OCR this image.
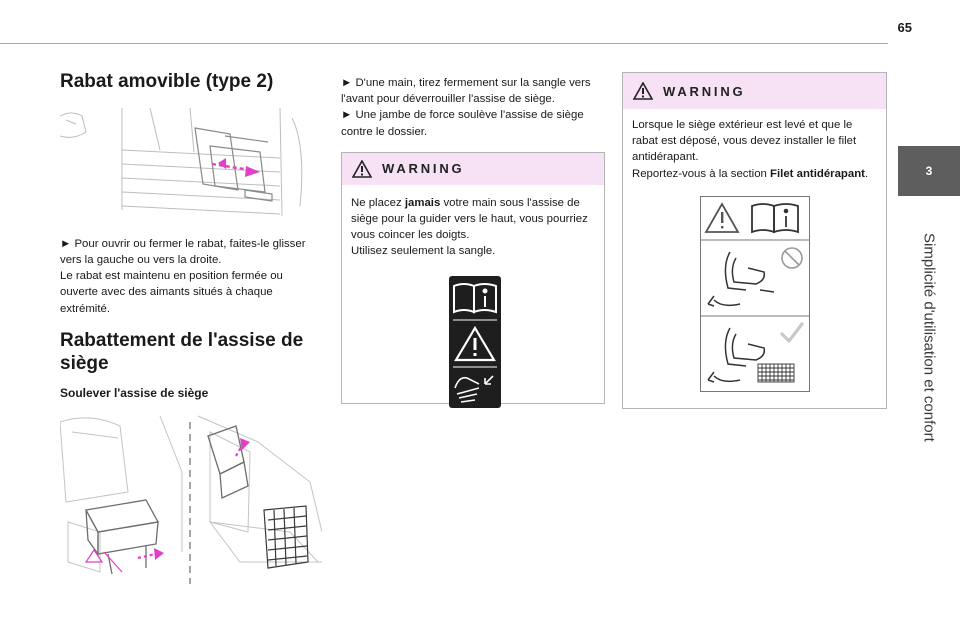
65
3
Simplicité d'utilisation et confort
Rabat amovible (type 2)

► Pour ouvrir ou fermer le rabat, faites-le glisser vers la gauche ou vers la droite.

Le rabat est maintenu en position fermée ou ouverte avec des aimants situés à chaque extrémité.

Rabattement de l'assise de siège
Soulever l'assise de siège

► D'une main, tirez fermement sur la sangle vers l'avant pour déverrouiller l'assise de siège.

► Une jambe de force soulève l'assise de siège contre le dossier.

WARNING

Ne placez jamais votre main sous l'assise de siège pour la guider vers le haut, vous pourriez vous coincer les doigts.

Utilisez seulement la sangle.

WARNING

Lorsque le siège extérieur est levé et que le rabat est déposé, vous devez installer le filet antidérapant.

Reportez-vous à la section Filet antidérapant.
